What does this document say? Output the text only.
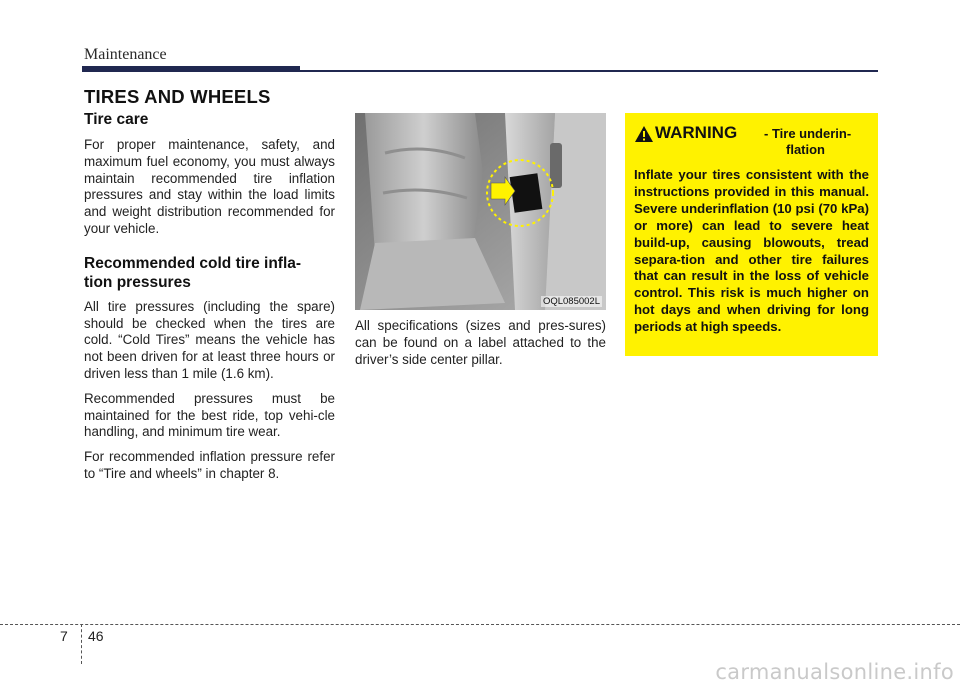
Maintenance
TIRES AND WHEELS
Tire care

For proper maintenance, safety, and maximum fuel economy, you must always maintain recommended tire inflation pressures and stay within the load limits and weight distribution recommended for your vehicle.

Recommended cold tire infla-
tion pressures

All tire pressures (including the spare) should be checked when the tires are cold. “Cold Tires” means the vehicle has not been driven for at least three hours or driven less than 1 mile (1.6 km).

Recommended pressures must be maintained for the best ride, top vehi-cle handling, and minimum tire wear.

For recommended inflation pressure refer to “Tire and wheels” in chapter 8.

OQL085002L

All specifications (sizes and pres-sures) can be found on a label attached to the driver’s side center pillar.

WARNING - Tire underin-
flation

Inflate your tires consistent with the instructions provided in this manual. Severe underinflation (10 psi (70 kPa) or more) can lead to severe heat build-up, causing blowouts, tread separa-tion and other tire failures that can result in the loss of vehicle control. This risk is much higher on hot days and when driving for long periods at high speeds.

7 46
carmanualsonline.info
